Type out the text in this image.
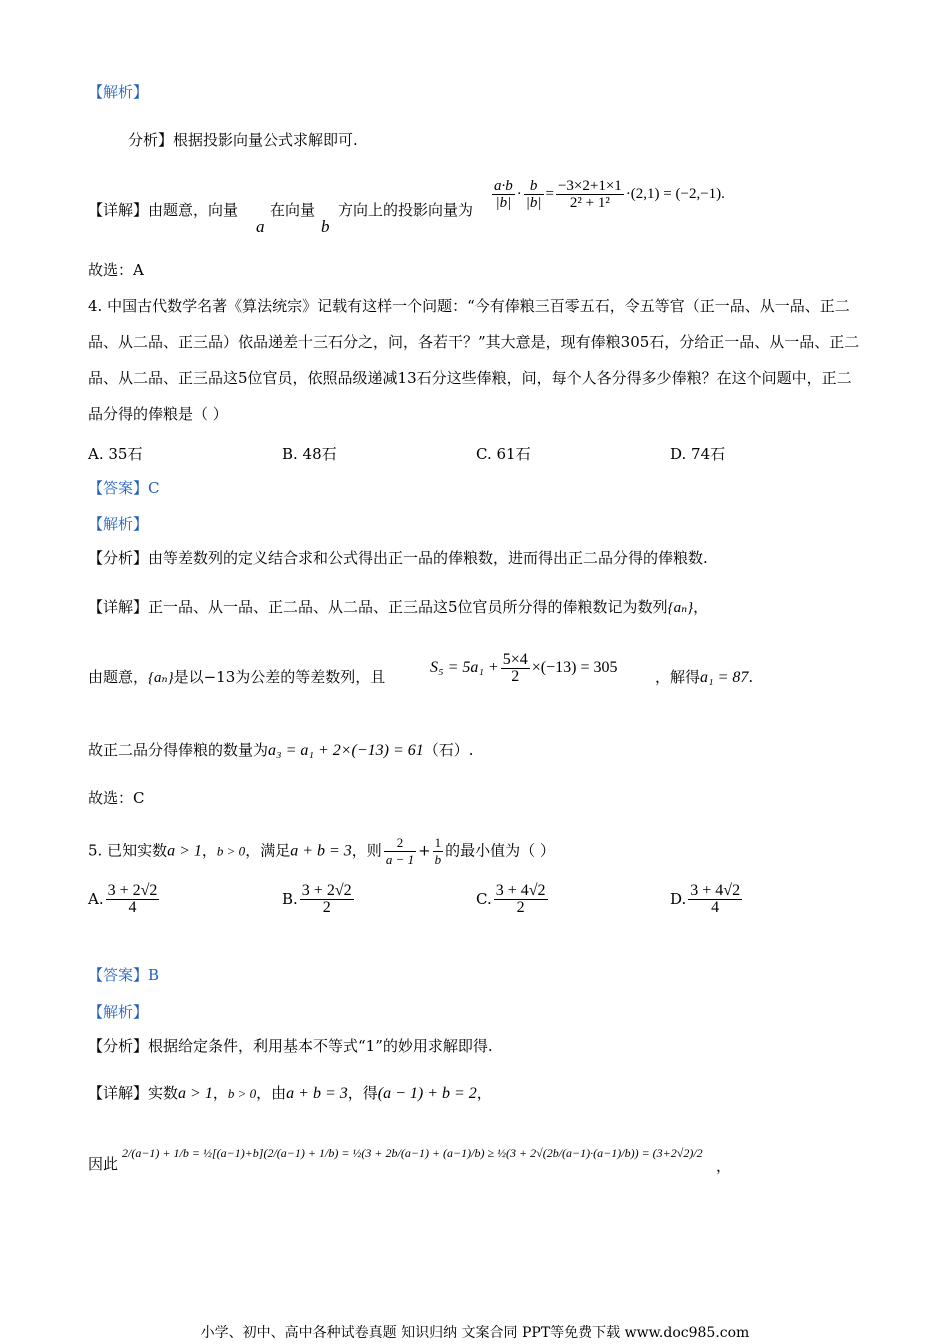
【解析】
分析】根据投影向量公式求解即可.
【详解】由题意，向量
a
在向量
b
方向上的投影向量为 $\frac{a\cdot b}{|b|} \cdot \frac{b}{|b|} = \frac{-3\times 2+1\times 1}{\text{2² + 1²}} \cdot(2,1) = (-2,-1)$.
故选：A
4. 中国古代数学名著《算法统宗》记载有这样一个问题：“今有俸粮三百零五石，令五等官（正一品、从一品、正二品、从二品、正三品）依品递差十三石分之，问，各若干？”其大意是，现有俸粮305石，分给正一品、从一品、正二品、从二品、正三品这5位官员，依照品级递减13石分这些俸粮，问，每个人各分得多少俸粮？在这个问题中，正二品分得的俸粮是（ ）
A. 35石	B. 48石	C. 61石	D. 74石
【答案】C
【解析】
【分析】由等差数列的定义结合求和公式得出正一品的俸粮数，进而得出正二品分得的俸粮数.
【详解】正一品、从一品、正二品、从二品、正三品这5位官员所分得的俸粮数记为数列{aₙ}，
由题意，{aₙ}是以−13为公差的等差数列，且
$S_5 = 5a_1 + \frac{5\times 4}{2} \times(-13) = 305$
，解得a₁ = 87.
故正二品分得俸粮的数量为a₃ = a₁ + 2×(−13) = 61（石）.
故选：C
5. 已知实数a > 1，b > 0，满足a + b = 3，则 $\frac{2}{a - 1} + \frac{1}{b}$ 的最小值为（ ）
A. $\frac{3 + 2√2}{4}$	B. $\frac{3 + 2√2}{2}$	C. $\frac{3 + 4√2}{2}$	D. $\frac{3 + 4√2}{4}$
【答案】B
【解析】
【分析】根据给定条件，利用基本不等式“1”的妙用求解即得.
【详解】实数a > 1，b > 0，由a + b = 3，得(a − 1) + b = 2，
因此
2/(a−1) + 1/b = ½[(a−1)+b](2/(a−1) + 1/b) = ½(3 + 2b/(a−1) + (a−1)/b) ≥ ½(3 + 2√(2b/(a−1)·(a−1)/b)) = (3+2√2)/2
，
小学、初中、高中各种试卷真题 知识归纳 文案合同 PPT等免费下载 www.doc985.com
